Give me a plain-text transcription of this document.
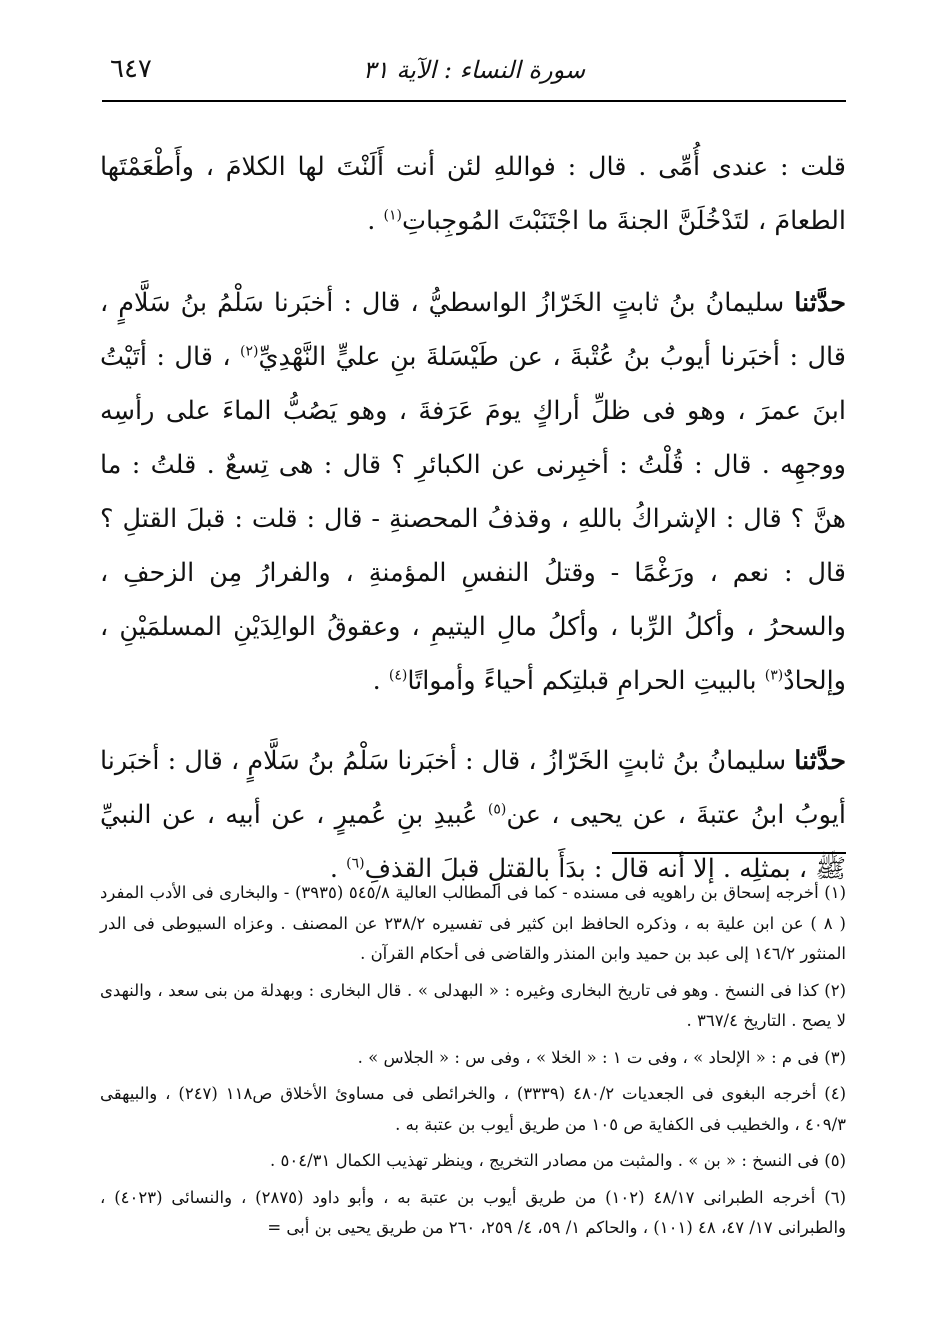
٦٤٧	سورة النساء : الآية ٣١

قلت : عندى أُمِّى . قال : فواللهِ لئن أنت أَلَنْتَ لها الكلامَ ، وأَطْعَمْتَها الطعامَ ، لتَدْخُلَنَّ الجنةَ ما اجْتَنَبْتَ المُوجِباتِ$^{(١)}$ .

حدَّثنا سليمانُ بنُ ثابتٍ الخَرّازُ الواسطيُّ ، قال : أخبَرنا سَلْمُ بنُ سَلَّامٍ ، قال : أخبَرنا أيوبُ بنُ عُتْبةَ ، عن طَيْسَلةَ بنِ عليٍّ النَّهْدِيِّ$^{(٢)}$ ، قال : أتَيْتُ ابنَ عمرَ ، وهو فى ظلِّ أراكٍ يومَ عَرَفةَ ، وهو يَصُبُّ الماءَ على رأسِه ووجهِه . قال : قُلْتُ : أخبِرنى عن الكبائرِ ؟ قال : هى تِسعٌ . قلتُ : ما هنَّ ؟ قال : الإشراكُ باللهِ ، وقذفُ المحصنةِ - قال : قلت : قبلَ القتلِ ؟ قال : نعم ، ورَغْمًا - وقتلُ النفسِ المؤمنةِ ، والفرارُ مِن الزحفِ ، والسحرُ ، وأكلُ الرِّبا ، وأكلُ مالِ اليتيمِ ، وعقوقُ الوالِدَيْنِ المسلمَيْنِ ، وإلحادٌ$^{(٣)}$ بالبيتِ الحرامِ قبلتِكم أحياءً وأمواتًا$^{(٤)}$ .

حدَّثنا سليمانُ بنُ ثابتٍ الخَرّازُ ، قال : أخبَرنا سَلْمُ بنُ سَلَّامٍ ، قال : أخبَرنا أيوبُ ابنُ عتبةَ ، عن يحيى ، عن$^{(٥)}$ عُبيدِ بنِ عُميرٍ ، عن أبيه ، عن النبيِّ ﷺ ، بمثلِه . إلا أنه قال : بدَأَ بالقتلِ قبلَ القذفِ$^{(٦)}$ .

(١) أخرجه إسحاق بن راهويه فى مسنده - كما فى المطالب العالية ٥٤٥/٨ (٣٩٣٥) - والبخارى فى الأدب المفرد ( ٨ ) عن ابن علية به ، وذكره الحافظ ابن كثير فى تفسيره ٢٣٨/٢ عن المصنف . وعزاه السيوطى فى الدر المنثور ١٤٦/٢ إلى عبد بن حميد وابن المنذر والقاضى فى أحكام القرآن .

(٢) كذا فى النسخ . وهو فى تاريخ البخارى وغيره : « البهدلى » . قال البخارى : وبهدلة من بنى سعد ، والنهدى لا يصح . التاريخ ٣٦٧/٤ .

(٣) فى م : « الإلحاد » ، وفى ت ١ : « الخلا » ، وفى س : « الجلاس » .

(٤) أخرجه البغوى فى الجعديات ٤٨٠/٢ (٣٣٣٩) ، والخرائطى فى مساوئ الأخلاق ص١١٨ (٢٤٧) ، والبيهقى ٤٠٩/٣ ، والخطيب فى الكفاية ص ١٠٥ من طريق أيوب بن عتبة به .

(٥) فى النسخ : « بن » . والمثبت من مصادر التخريج ، وينظر تهذيب الكمال ٥٠٤/٣١ .

(٦) أخرجه الطبرانى ٤٨/١٧ (١٠٢) من طريق أيوب بن عتبة به ، وأبو داود (٢٨٧٥) ، والنسائى (٤٠٢٣) ، والطبرانى ١٧/ ٤٧، ٤٨ (١٠١) ، والحاكم ١/ ٥٩، ٤/ ٢٥٩، ٢٦٠ من طريق يحيى بن أبى =
